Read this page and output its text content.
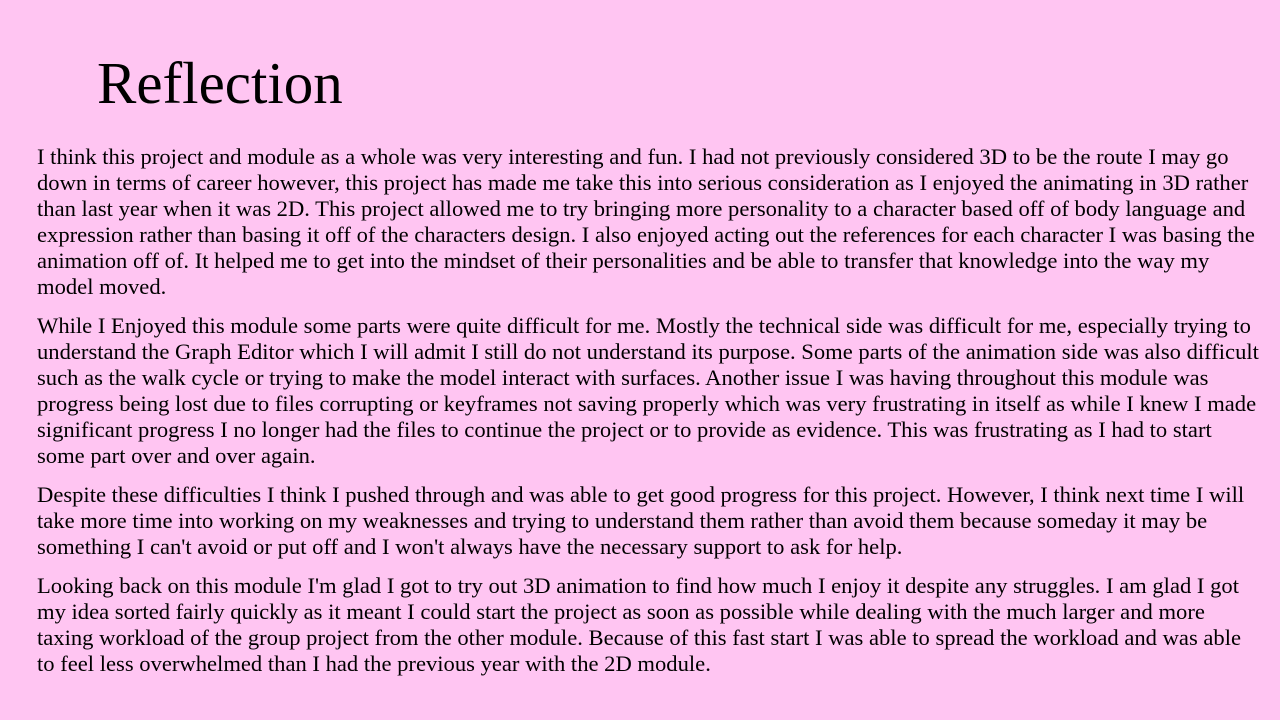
Reflection

I think this project and module as a whole was very interesting and fun. I had not previously considered 3D to be the route I may go down in terms of career however, this project has made me take this into serious consideration as I enjoyed the animating in 3D rather than last year when it was 2D. This project allowed me to try bringing more personality to a character based off of body language and expression rather than basing it off of the characters design. I also enjoyed acting out the references for each character I was basing the animation off of. It helped me to get into the mindset of their personalities and be able to transfer that knowledge into the way my model moved.

While I Enjoyed this module some parts were quite difficult for me. Mostly the technical side was difficult for me, especially trying to understand the Graph Editor which I will admit I still do not understand its purpose. Some parts of the animation side was also difficult such as the walk cycle or trying to make the model interact with surfaces. Another issue I was having throughout this module was progress being lost due to files corrupting or keyframes not saving properly which was very frustrating in itself as while I knew I made significant progress I no longer had the files to continue the project or to provide as evidence. This was frustrating as I had to start some part over and over again.

Despite these difficulties I think I pushed through and was able to get good progress for this project. However, I think next time I will take more time into working on my weaknesses and trying to understand them rather than avoid them because someday it may be something I can't avoid or put off and I won't always have the necessary support to ask for help.

Looking back on this module I'm glad I got to try out 3D animation to find how much I enjoy it despite any struggles. I am glad I got my idea sorted fairly quickly as it meant I could start the project as soon as possible while dealing with the much larger and more taxing workload of the group project from the other module. Because of this fast start I was able to spread the workload and was able to feel less overwhelmed than I had the previous year with the 2D module.
